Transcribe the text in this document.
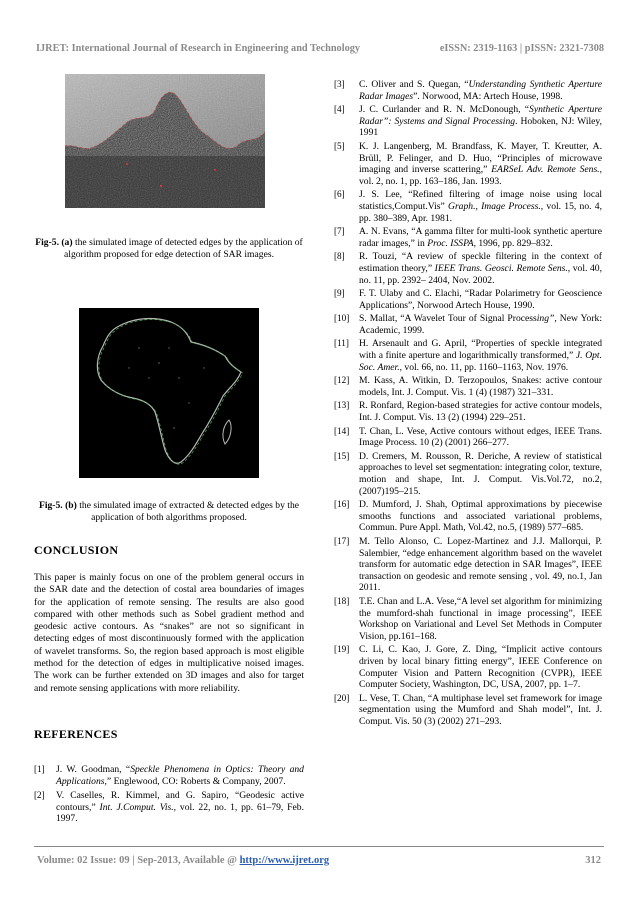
IJRET: International Journal of Research in Engineering and Technology	eISSN: 2319-1163 | pISSN: 2321-7308
Fig-5. (a) the simulated image of detected edges by the application of algorithm proposed for edge detection of SAR images.
Fig-5. (b) the simulated image of extracted & detected edges by the application of both algorithms proposed.
CONCLUSION
This paper is mainly focus on one of the problem general occurs in the SAR date and the detection of costal area boundaries of images for the application of remote sensing. The results are also good compared with other methods such as Sobel gradient method and geodesic active contours. As “snakes” are not so significant in detecting edges of most discontinuously formed with the application of wavelet transforms. So, the region based approach is most eligible method for the detection of edges in multiplicative noised images. The work can be further extended on 3D images and also for target and remote sensing applications with more reliability.
REFERENCES
[1] J. W. Goodman, “Speckle Phenomena in Optics: Theory and Applications,” Englewood, CO: Roberts & Company, 2007.
[2] V. Caselles, R. Kimmel, and G. Sapiro, “Geodesic active contours,” Int. J.Comput. Vis., vol. 22, no. 1, pp. 61–79, Feb. 1997.
[3] C. Oliver and S. Quegan, “Understanding Synthetic Aperture Radar Images”. Norwood, MA: Artech House, 1998.
[4] J. C. Curlander and R. N. McDonough, “Synthetic Aperture Radar”: Systems and Signal Processing. Hoboken, NJ: Wiley, 1991
[5] K. J. Langenberg, M. Brandfass, K. Mayer, T. Kreutter, A. Brüll, P. Felinger, and D. Huo, “Principles of microwave imaging and inverse scattering,” EARSeL Adv. Remote Sens., vol. 2, no. 1, pp. 163–186, Jan. 1993.
[6] J. S. Lee, “Refined filtering of image noise using local statistics,Comput.Vis” Graph., Image Process., vol. 15, no. 4, pp. 380–389, Apr. 1981.
[7] A. N. Evans, “A gamma filter for multi-look synthetic aperture radar images,” in Proc. ISSPA, 1996, pp. 829–832.
[8] R. Touzi, “A review of speckle filtering in the context of estimation theory,” IEEE Trans. Geosci. Remote Sens., vol. 40, no. 11, pp. 2392– 2404, Nov. 2002.
[9] F. T. Ulaby and C. Elachi, “Radar Polarimetry for Geoscience Applications”, Norwood Artech House, 1990.
[10] S. Mallat, “A Wavelet Tour of Signal Processing”, New York: Academic, 1999.
[11] H. Arsenault and G. April, “Properties of speckle integrated with a finite aperture and logarithmically transformed,” J. Opt. Soc. Amer., vol. 66, no. 11, pp. 1160–1163, Nov. 1976.
[12] M. Kass, A. Witkin, D. Terzopoulos, Snakes: active contour models, Int. J. Comput. Vis. 1 (4) (1987) 321–331.
[13] R. Ronfard, Region-based strategies for active contour models, Int. J. Comput. Vis. 13 (2) (1994) 229–251.
[14] T. Chan, L. Vese, Active contours without edges, IEEE Trans. Image Process. 10 (2) (2001) 266–277.
[15] D. Cremers, M. Rousson, R. Deriche, A review of statistical approaches to level set segmentation: integrating color, texture, motion and shape, Int. J. Comput. Vis.Vol.72, no.2, (2007)195–215.
[16] D. Mumford, J. Shah, Optimal approximations by piecewise smooths functions and associated variational problems, Commun. Pure Appl. Math, Vol.42, no.5, (1989) 577–685.
[17] M. Tello Alonso, C. Lopez-Martinez and J.J. Mallorqui, P. Salembier, “edge enhancement algorithm based on the wavelet transform for automatic edge detection in SAR Images”, IEEE transaction on geodesic and remote sensing , vol. 49, no.1, Jan 2011.
[18] T.E. Chan and L.A. Vese,“A level set algorithm for minimizing the mumford-shah functional in image processing”, IEEE Workshop on Variational and Level Set Methods in Computer Vision, pp.161–168.
[19] C. Li, C. Kao, J. Gore, Z. Ding, “Implicit active contours driven by local binary fitting energy”, IEEE Conference on Computer Vision and Pattern Recognition (CVPR), IEEE Computer Society, Washington, DC, USA, 2007, pp. 1–7.
[20] L. Vese, T. Chan, “A multiphase level set framework for image segmentation using the Mumford and Shah model”, Int. J. Comput. Vis. 50 (3) (2002) 271–293.
Volume: 02 Issue: 09 | Sep-2013, Available @ http://www.ijret.org	312
